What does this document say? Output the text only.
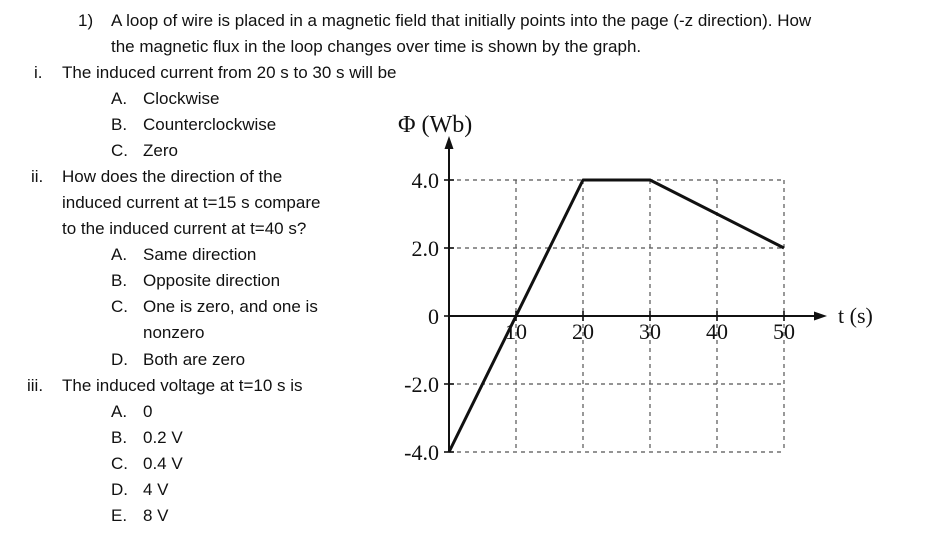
1) A loop of wire is placed in a magnetic field that initially points into the page (-z direction). How
the magnetic flux in the loop changes over time is shown by the graph.
i. The induced current from 20 s to 30 s will be
A. Clockwise
B. Counterclockwise
C. Zero
ii. How does the direction of the
induced current at t=15 s compare
to the induced current at t=40 s?
A. Same direction
B. Opposite direction
C. One is zero, and one is
nonzero
D. Both are zero
iii. The induced voltage at t=10 s is
A. 0
B. 0.2 V
C. 0.4 V
D. 4 V
E. 8 V
4.0
2.0
0
-2.0
-4.0
10 20 30 40 50
Φ (Wb)
t (s)
